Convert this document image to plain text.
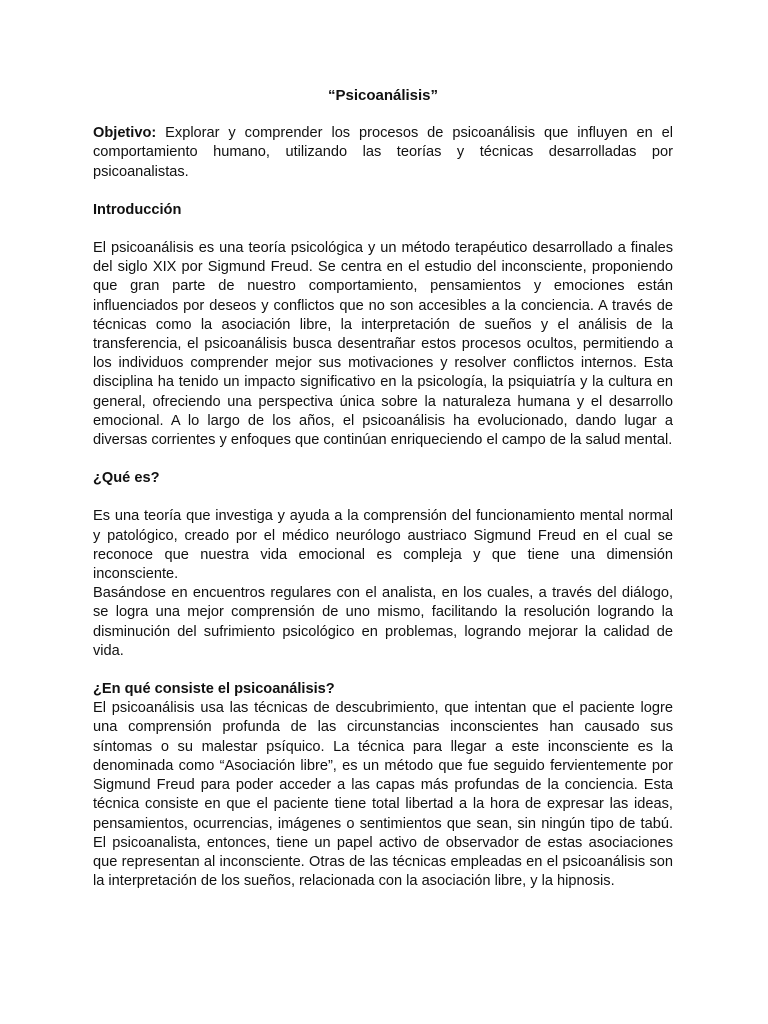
“Psicoanálisis”

Objetivo: Explorar y comprender los procesos de psicoanálisis que influyen en el comportamiento humano, utilizando las teorías y técnicas desarrolladas por psicoanalistas.

Introducción

El psicoanálisis es una teoría psicológica y un método terapéutico desarrollado a finales del siglo XIX por Sigmund Freud. Se centra en el estudio del inconsciente, proponiendo que gran parte de nuestro comportamiento, pensamientos y emociones están influenciados por deseos y conflictos que no son accesibles a la conciencia. A través de técnicas como la asociación libre, la interpretación de sueños y el análisis de la transferencia, el psicoanálisis busca desentrañar estos procesos ocultos, permitiendo a los individuos comprender mejor sus motivaciones y resolver conflictos internos. Esta disciplina ha tenido un impacto significativo en la psicología, la psiquiatría y la cultura en general, ofreciendo una perspectiva única sobre la naturaleza humana y el desarrollo emocional. A lo largo de los años, el psicoanálisis ha evolucionado, dando lugar a diversas corrientes y enfoques que continúan enriqueciendo el campo de la salud mental.

¿Qué es?

Es una teoría que investiga y ayuda a la comprensión del funcionamiento mental normal y patológico, creado por el médico neurólogo austriaco Sigmund Freud en el cual se reconoce que nuestra vida emocional es compleja y que tiene una dimensión inconsciente.

Basándose en encuentros regulares con el analista, en los cuales, a través del diálogo, se logra una mejor comprensión de uno mismo, facilitando la resolución logrando la disminución del sufrimiento psicológico en problemas, logrando mejorar la calidad de vida.

¿En qué consiste el psicoanálisis?

El psicoanálisis usa las técnicas de descubrimiento, que intentan que el paciente logre una comprensión profunda de las circunstancias inconscientes han causado sus síntomas o su malestar psíquico. La técnica para llegar a este inconsciente es la denominada como “Asociación libre”, es un método que fue seguido fervientemente por Sigmund Freud para poder acceder a las capas más profundas de la conciencia. Esta técnica consiste en que el paciente tiene total libertad a la hora de expresar las ideas, pensamientos, ocurrencias, imágenes o sentimientos que sean, sin ningún tipo de tabú. El psicoanalista, entonces, tiene un papel activo de observador de estas asociaciones que representan al inconsciente. Otras de las técnicas empleadas en el psicoanálisis son la interpretación de los sueños, relacionada con la asociación libre, y la hipnosis.
